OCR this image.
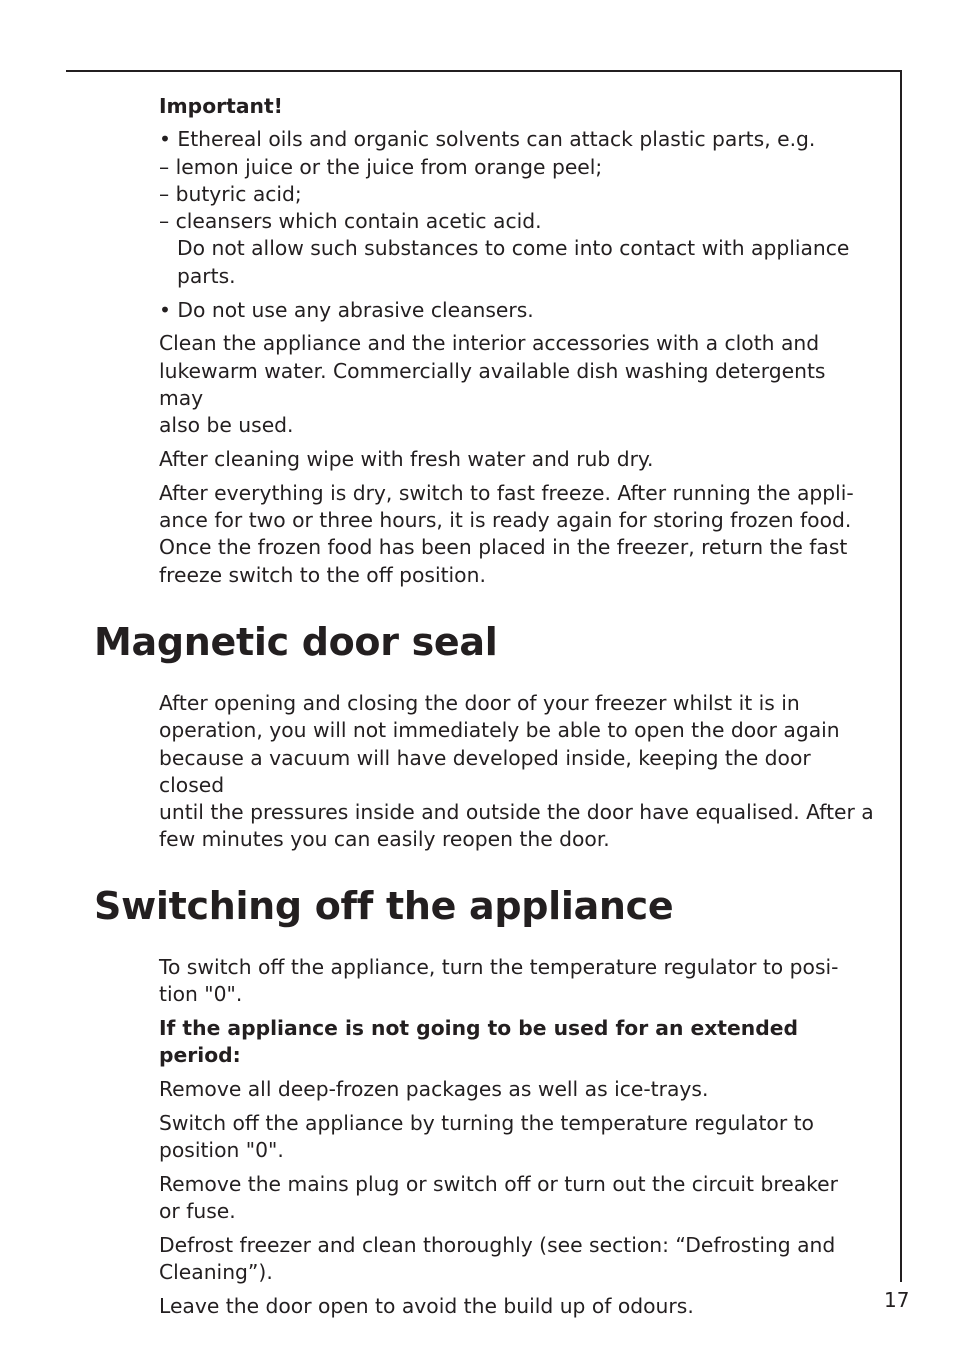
Important!

• Ethereal oils and organic solvents can attack plastic parts, e.g.

– lemon juice or the juice from orange peel;

– butyric acid;

– cleansers which contain acetic acid.

Do not allow such substances to come into contact with appliance

parts.

• Do not use any abrasive cleansers.

Clean the appliance and the interior accessories with a cloth and

lukewarm water. Commercially available dish washing detergents may

also be used.

After cleaning wipe with fresh water and rub dry.

After everything is dry, switch to fast freeze. After running the appli-

ance for two or three hours, it is ready again for storing frozen food.

Once the frozen food has been placed in the freezer, return the fast

freeze switch to the off position.

Magnetic door seal

After opening and closing the door of your freezer whilst it is in

operation, you will not immediately be able to open the door again

because a vacuum will have developed inside, keeping the door closed

until the pressures inside and outside the door have equalised. After a

few minutes you can easily reopen the door.

Switching off the appliance

To switch off the appliance, turn the temperature regulator to posi-

tion "0".

If the appliance is not going to be used for an extended period:

Remove all deep-frozen packages as well as ice-trays.

Switch off the appliance by turning the temperature regulator to

position "0".

Remove the mains plug or switch off or turn out the circuit breaker

or fuse.

Defrost freezer and clean thoroughly (see section: “Defrosting and

Cleaning”).

Leave the door open to avoid the build up of odours.	17
